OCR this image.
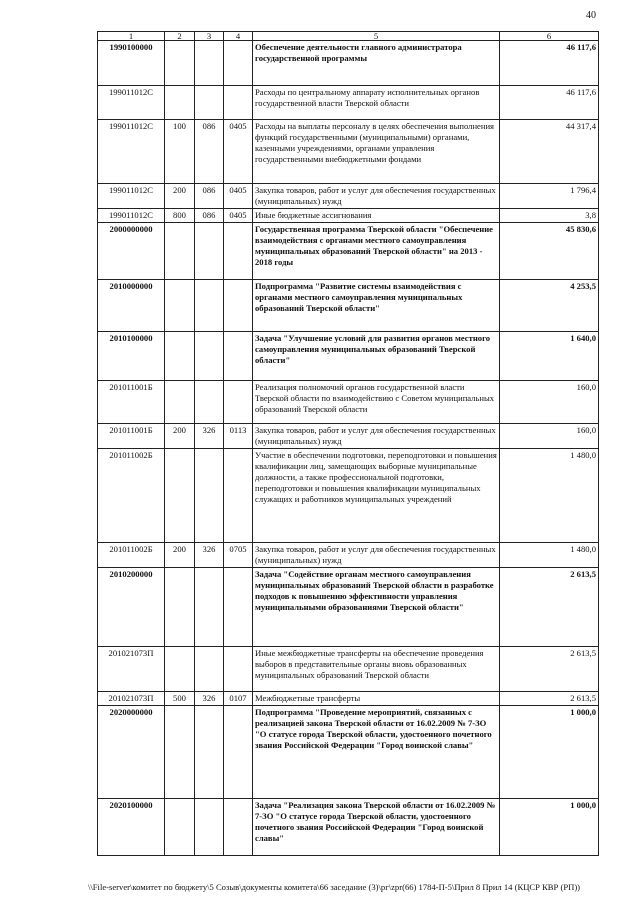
40
1	2	3	4	5	6
1990100000				Обеспечение деятельности главного администратора государственной программы	46 117,6
199011012С				Расходы по центральному аппарату исполнительных органов государственной власти Тверской области	46 117,6
199011012С	100	086	0405	Расходы на выплаты персоналу в целях обеспечения выполнения функций государственными (муниципальными) органами, казенными учреждениями, органами управления государственными внебюджетными фондами	44 317,4
199011012С	200	086	0405	Закупка товаров, работ и услуг для обеспечения государственных (муниципальных) нужд	1 796,4
199011012С	800	086	0405	Иные бюджетные ассигнования	3,8
2000000000				Государственная программа Тверской области "Обеспечение взаимодействия с органами местного самоуправления муниципальных образований Тверской области" на 2013 - 2018 годы	45 830,6
2010000000				Подпрограмма "Развитие системы взаимодействия с органами местного самоуправления муниципальных образований Тверской области"	4 253,5
2010100000				Задача "Улучшение условий для развития органов местного самоуправления муниципальных образований Тверской области"	1 640,0
201011001Б				Реализация полномочий органов государственной власти Тверской области по взаимодействию с Советом муниципальных образований Тверской области	160,0
201011001Б	200	326	0113	Закупка товаров, работ и услуг для обеспечения государственных (муниципальных) нужд	160,0
201011002Б				Участие в обеспечении подготовки, переподготовки и повышения квалификации лиц, замещающих выборные муниципальные должности, а также профессиональной подготовки, переподготовки и повышения квалификации муниципальных служащих и работников муниципальных учреждений	1 480,0
201011002Б	200	326	0705	Закупка товаров, работ и услуг для обеспечения государственных (муниципальных) нужд	1 480,0
2010200000				Задача "Содействие органам местного самоуправления муниципальных образований Тверской области в разработке подходов к повышению эффективности управления муниципальными образованиями Тверской области"	2 613,5
201021073П				Иные межбюджетные трансферты на обеспечение проведения выборов в представительные органы вновь образованных муниципальных образований Тверской области	2 613,5
201021073П	500	326	0107	Межбюджетные трансферты	2 613,5
2020000000				Подпрограмма "Проведение мероприятий, связанных с реализацией закона Тверской области от 16.02.2009 № 7-ЗО "О статусе города Тверской области, удостоенного почетного звания Российской Федерации "Город воинской славы"	1 000,0
2020100000				Задача "Реализация закона Тверской области от 16.02.2009 № 7-ЗО "О статусе города Тверской области, удостоенного почетного звания Российской Федерации "Город воинской славы"	1 000,0
\\File-server\комитет по бюджету\5 Созыв\документы комитета\66 заседание (3)\рг\zpr(66) 1784-П-5\Прил 8 Прил 14 (КЦСР КВР (РП))
